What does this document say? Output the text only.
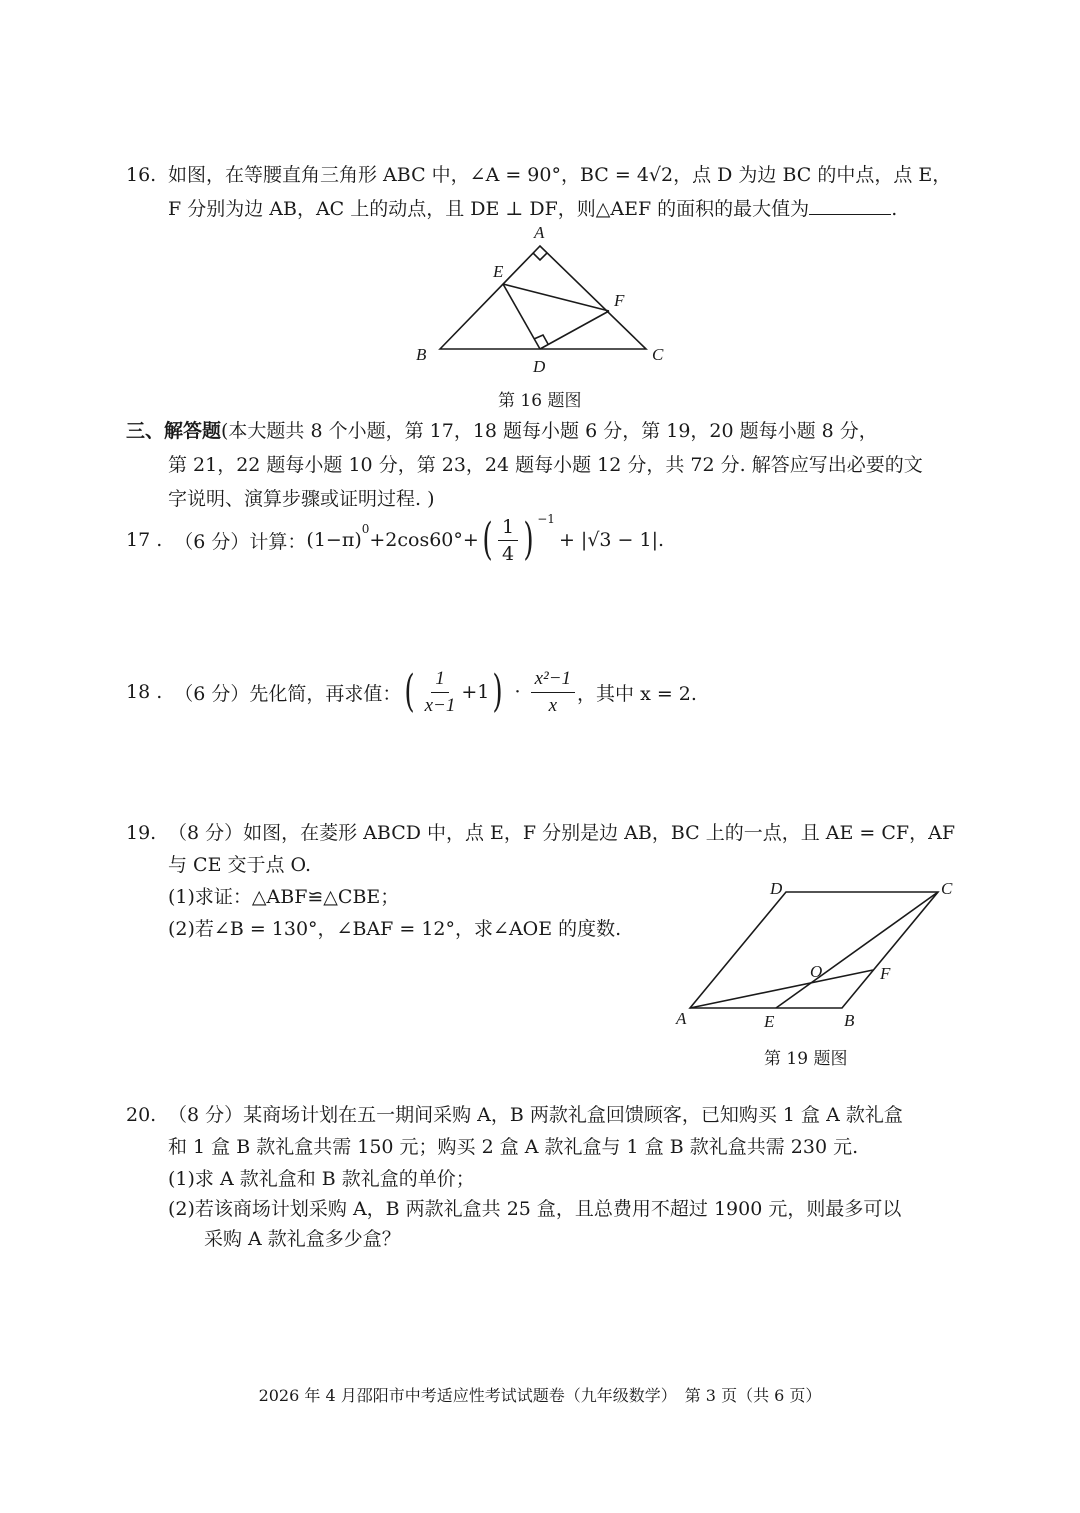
16. 如图，在等腰直角三角形 ABC 中，∠A = 90°，BC = 4√2，点 D 为边 BC 的中点，点 E，
F 分别为边 AB，AC 上的动点，且 DE ⊥ DF，则△AEF 的面积的最大值为	.
A
B	C
D
E
F
第 16 题图
三、解答题(本大题共 8 个小题，第 17，18 题每小题 6 分，第 19，20 题每小题 8 分，
第 21，22 题每小题 10 分，第 23，24 题每小题 12 分，共 72 分. 解答应写出必要的文
字说明、演算步骤或证明过程. )
17 . （6 分）计算： $(1-\pi)^0 +2\cos 60^\circ+$ ( $\frac{1}{4}$ ) $^{-1}$
+ |√3 − 1|.
18 . （6 分）先化简，再求值： ( $\frac{1}{x-1} +1$ ) · $\frac{\text{x²−1}}{x}$ ，其中 x = 2.
19. （8 分）如图，在菱形 ABCD 中，点 E，F 分别是边 AB，BC 上的一点，且 AE = CF，AF
与 CE 交于点 O.
(1)求证：△ABF≌△CBE；
(2)若∠B = 130°，∠BAF = 12°，求∠AOE 的度数.
A	B
C
D
E
F
O
第 19 题图
20. （8 分）某商场计划在五一期间采购 A，B 两款礼盒回馈顾客，已知购买 1 盒 A 款礼盒
和 1 盒 B 款礼盒共需 150 元；购买 2 盒 A 款礼盒与 1 盒 B 款礼盒共需 230 元.
(1)求 A 款礼盒和 B 款礼盒的单价；
(2)若该商场计划采购 A，B 两款礼盒共 25 盒，且总费用不超过 1900 元，则最多可以
采购 A 款礼盒多少盒？
2026 年 4 月邵阳市中考适应性考试试题卷（九年级数学）　第 3 页（共 6 页）
